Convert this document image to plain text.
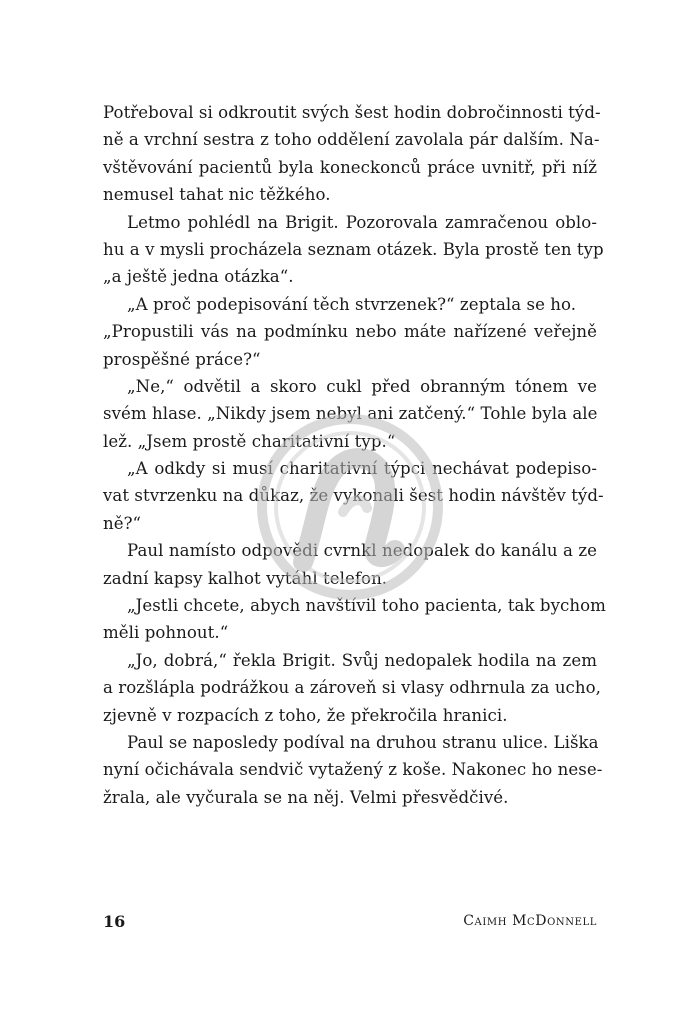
Potřeboval si odkroutit svých šest hodin dobročinnosti týd-
ně a vrchní sestra z toho oddělení zavolala pár dalším. Na-
vštěvování pacientů byla koneckonců práce uvnitř, při níž
nemusel tahat nic těžkého.
Letmo pohlédl na Brigit. Pozorovala zamračenou oblo-
hu a v mysli procházela seznam otázek. Byla prostě ten typ
„a ještě jedna otázka“.
„A proč podepisování těch stvrzenek?“ zeptala se ho.
„Propustili vás na podmínku nebo máte nařízené veřejně
prospěšné práce?“
„Ne,“ odvětil a skoro cukl před obranným tónem ve
svém hlase. „Nikdy jsem nebyl ani zatčený.“ Tohle byla ale
lež. „Jsem prostě charitativní typ.“
„A odkdy si musí charitativní týpci nechávat podepiso-
vat stvrzenku na důkaz, že vykonali šest hodin návštěv týd-
ně?“
Paul namísto odpovědi cvrnkl nedopalek do kanálu a ze
zadní kapsy kalhot vytáhl telefon.
„Jestli chcete, abych navštívil toho pacienta, tak bychom
měli pohnout.“
„Jo, dobrá,“ řekla Brigit. Svůj nedopalek hodila na zem
a rozšlápla podrážkou a zároveň si vlasy odhrnula za ucho,
zjevně v rozpacích z toho, že překročila hranici.
Paul se naposledy podíval na druhou stranu ulice. Liška
nyní očichávala sendvič vytažený z koše. Nakonec ho nese-
žrala, ale vyčurala se na něj. Velmi přesvědčivé.
16	Caimh McDonnell
